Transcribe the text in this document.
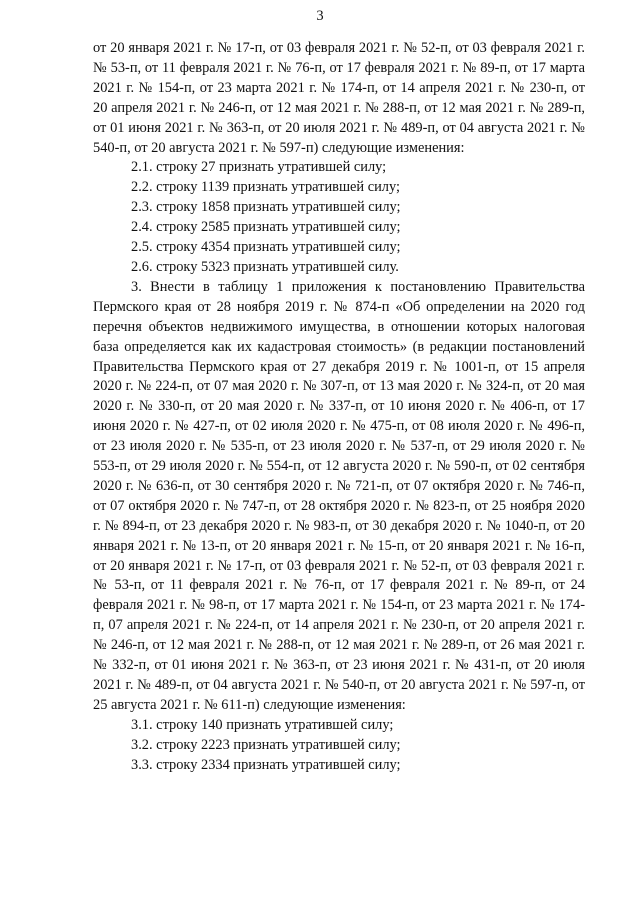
3

от 20 января 2021 г. № 17-п, от 03 февраля 2021 г. № 52-п, от 03 февраля 2021 г. № 53-п, от 11 февраля 2021 г. № 76-п, от 17 февраля 2021 г. № 89-п, от 17 марта 2021 г. № 154-п, от 23 марта 2021 г. № 174-п, от 14 апреля 2021 г. № 230-п, от 20 апреля 2021 г. № 246-п, от 12 мая 2021 г. № 288-п, от 12 мая 2021 г. № 289-п, от 01 июня 2021 г. № 363-п, от 20 июля 2021 г. № 489-п, от 04 августа 2021 г. № 540-п, от 20 августа 2021 г. № 597-п) следующие изменения:

2.1. строку 27 признать утратившей силу;

2.2. строку 1139 признать утратившей силу;

2.3. строку 1858 признать утратившей силу;

2.4. строку 2585 признать утратившей силу;

2.5. строку 4354 признать утратившей силу;

2.6. строку 5323 признать утратившей силу.

3. Внести в таблицу 1 приложения к постановлению Правительства Пермского края от 28 ноября 2019 г. № 874-п «Об определении на 2020 год перечня объектов недвижимого имущества, в отношении которых налоговая база определяется как их кадастровая стоимость» (в редакции постановлений Правительства Пермского края от 27 декабря 2019 г. № 1001-п, от 15 апреля 2020 г. № 224-п, от 07 мая 2020 г. № 307-п, от 13 мая 2020 г. № 324-п, от 20 мая 2020 г. № 330-п, от 20 мая 2020 г. № 337-п, от 10 июня 2020 г. № 406-п, от 17 июня 2020 г. № 427-п, от 02 июля 2020 г. № 475-п, от 08 июля 2020 г. № 496-п, от 23 июля 2020 г. № 535-п, от 23 июля 2020 г. № 537-п, от 29 июля 2020 г. № 553-п, от 29 июля 2020 г. № 554-п, от 12 августа 2020 г. № 590-п, от 02 сентября 2020 г. № 636-п, от 30 сентября 2020 г. № 721-п, от 07 октября 2020 г. № 746-п, от 07 октября 2020 г. № 747-п, от 28 октября 2020 г. № 823-п, от 25 ноября 2020 г. № 894-п, от 23 декабря 2020 г. № 983-п, от 30 декабря 2020 г. № 1040-п, от 20 января 2021 г. № 13-п, от 20 января 2021 г. № 15-п, от 20 января 2021 г. № 16-п, от 20 января 2021 г. № 17-п, от 03 февраля 2021 г. № 52-п, от 03 февраля 2021 г. № 53-п, от 11 февраля 2021 г. № 76-п, от 17 февраля 2021 г. № 89-п, от 24 февраля 2021 г. № 98-п, от 17 марта 2021 г. № 154-п, от 23 марта 2021 г. № 174-п, 07 апреля 2021 г. № 224-п, от 14 апреля 2021 г. № 230-п, от 20 апреля 2021 г. № 246-п, от 12 мая 2021 г. № 288-п, от 12 мая 2021 г. № 289-п, от 26 мая 2021 г. № 332-п, от 01 июня 2021 г. № 363-п, от 23 июня 2021 г. № 431-п, от 20 июля 2021 г. № 489-п, от 04 августа 2021 г. № 540-п, от 20 августа 2021 г. № 597-п, от 25 августа 2021 г. № 611-п) следующие изменения:

3.1. строку 140 признать утратившей силу;

3.2. строку 2223 признать утратившей силу;

3.3. строку 2334 признать утратившей силу;
